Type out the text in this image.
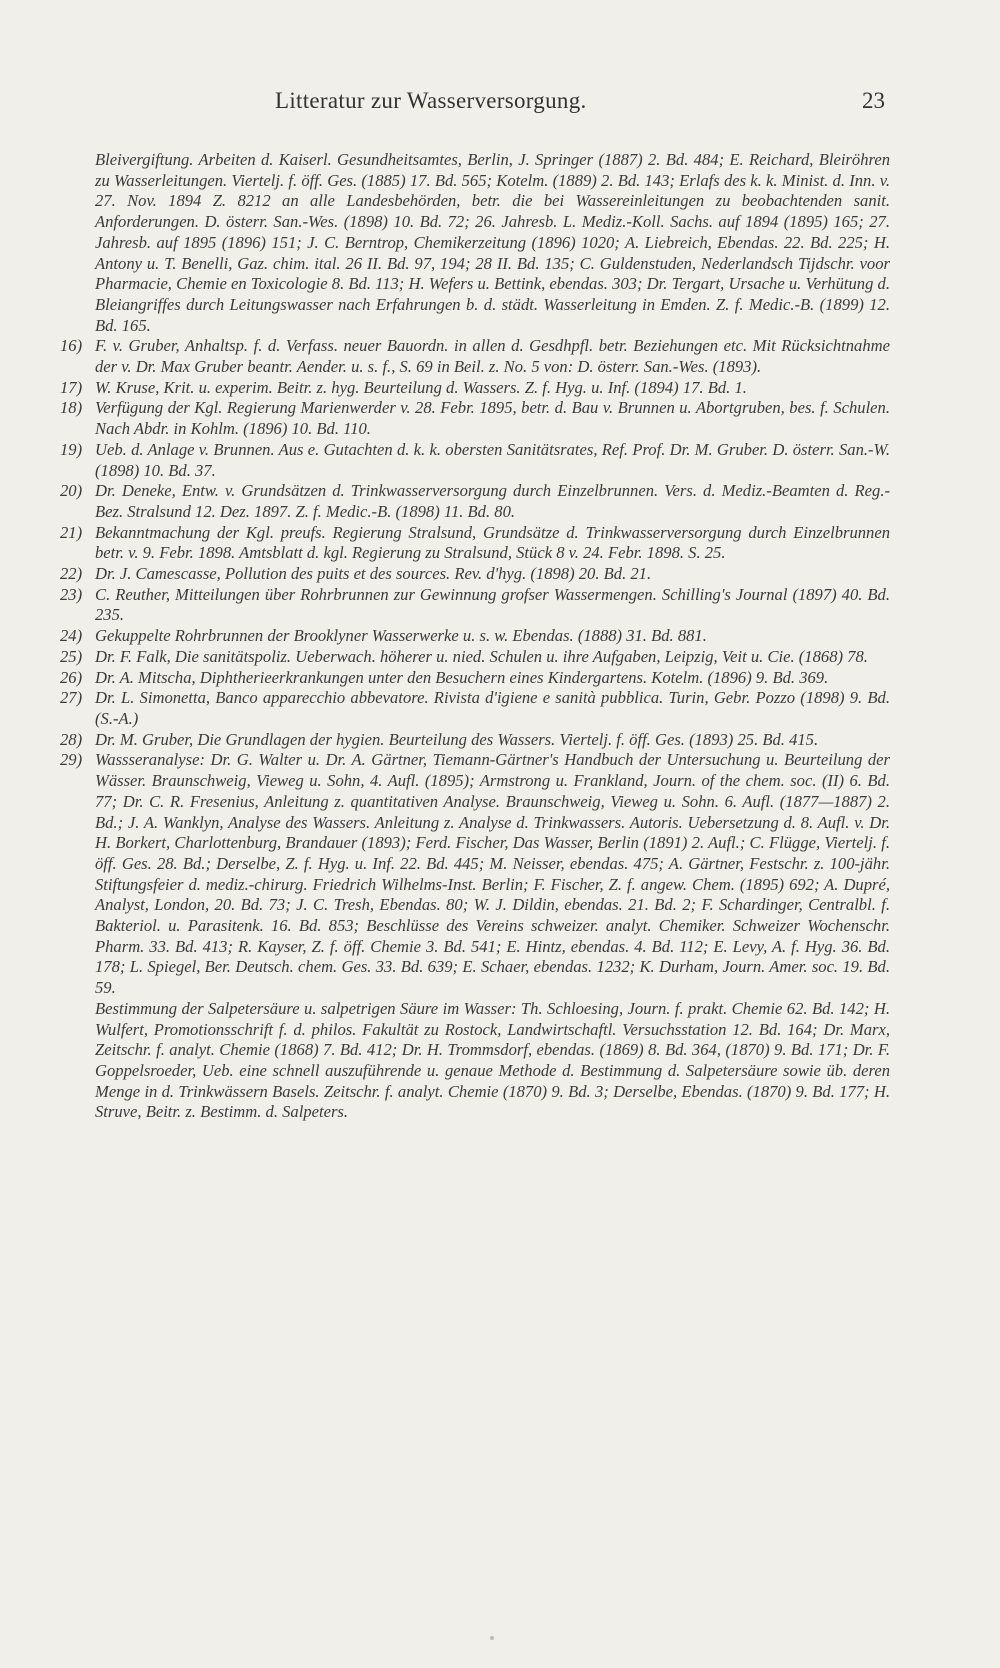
Litteratur zur Wasserversorgung.	23

Bleivergiftung. Arbeiten d. Kaiserl. Gesundheitsamtes, Berlin, J. Springer (1887) 2. Bd. 484; E. Reichard, Bleiröhren zu Wasserleitungen. Viertelj. f. öff. Ges. (1885) 17. Bd. 565; Kotelm. (1889) 2. Bd. 143; Erlafs des k. k. Minist. d. Inn. v. 27. Nov. 1894 Z. 8212 an alle Landesbehörden, betr. die bei Wassereinleitungen zu beobachtenden sanit. Anforderungen. D. österr. San.-Wes. (1898) 10. Bd. 72; 26. Jahresb. L. Mediz.-Koll. Sachs. auf 1894 (1895) 165; 27. Jahresb. auf 1895 (1896) 151; J. C. Berntrop, Chemikerzeitung (1896) 1020; A. Liebreich, Ebendas. 22. Bd. 225; H. Antony u. T. Benelli, Gaz. chim. ital. 26 II. Bd. 97, 194; 28 II. Bd. 135; C. Guldenstuden, Nederlandsch Tijdschr. voor Pharmacie, Chemie en Toxicologie 8. Bd. 113; H. Wefers u. Bettink, ebendas. 303; Dr. Tergart, Ursache u. Verhütung d. Bleiangriffes durch Leitungswasser nach Erfahrungen b. d. städt. Wasserleitung in Emden. Z. f. Medic.-B. (1899) 12. Bd. 165.

16) F. v. Gruber, Anhaltsp. f. d. Verfass. neuer Bauordn. in allen d. Gesdhpfl. betr. Beziehungen etc. Mit Rücksichtnahme der v. Dr. Max Gruber beantr. Aender. u. s. f., S. 69 in Beil. z. No. 5 von: D. österr. San.-Wes. (1893).

17) W. Kruse, Krit. u. experim. Beitr. z. hyg. Beurteilung d. Wassers. Z. f. Hyg. u. Inf. (1894) 17. Bd. 1.

18) Verfügung der Kgl. Regierung Marienwerder v. 28. Febr. 1895, betr. d. Bau v. Brunnen u. Abortgruben, bes. f. Schulen. Nach Abdr. in Kohlm. (1896) 10. Bd. 110.

19) Ueb. d. Anlage v. Brunnen. Aus e. Gutachten d. k. k. obersten Sanitätsrates, Ref. Prof. Dr. M. Gruber. D. österr. San.-W. (1898) 10. Bd. 37.

20) Dr. Deneke, Entw. v. Grundsätzen d. Trinkwasserversorgung durch Einzelbrunnen. Vers. d. Mediz.-Beamten d. Reg.-Bez. Stralsund 12. Dez. 1897. Z. f. Medic.-B. (1898) 11. Bd. 80.

21) Bekanntmachung der Kgl. preufs. Regierung Stralsund, Grundsätze d. Trinkwasserversorgung durch Einzelbrunnen betr. v. 9. Febr. 1898. Amtsblatt d. kgl. Regierung zu Stralsund, Stück 8 v. 24. Febr. 1898. S. 25.

22) Dr. J. Camescasse, Pollution des puits et des sources. Rev. d'hyg. (1898) 20. Bd. 21.

23) C. Reuther, Mitteilungen über Rohrbrunnen zur Gewinnung grofser Wassermengen. Schilling's Journal (1897) 40. Bd. 235.

24) Gekuppelte Rohrbrunnen der Brooklyner Wasserwerke u. s. w. Ebendas. (1888) 31. Bd. 881.

25) Dr. F. Falk, Die sanitätspoliz. Ueberwach. höherer u. nied. Schulen u. ihre Aufgaben, Leipzig, Veit u. Cie. (1868) 78.

26) Dr. A. Mitscha, Diphtherieerkrankungen unter den Besuchern eines Kindergartens. Kotelm. (1896) 9. Bd. 369.

27) Dr. L. Simonetta, Banco apparecchio abbevatore. Rivista d'igiene e sanità pubblica. Turin, Gebr. Pozzo (1898) 9. Bd. (S.-A.)

28) Dr. M. Gruber, Die Grundlagen der hygien. Beurteilung des Wassers. Viertelj. f. öff. Ges. (1893) 25. Bd. 415.

29) Wassseranalyse: Dr. G. Walter u. Dr. A. Gärtner, Tiemann-Gärtner's Handbuch der Untersuchung u. Beurteilung der Wässer. Braunschweig, Vieweg u. Sohn, 4. Aufl. (1895); Armstrong u. Frankland, Journ. of the chem. soc. (II) 6. Bd. 77; Dr. C. R. Fresenius, Anleitung z. quantitativen Analyse. Braunschweig, Vieweg u. Sohn. 6. Aufl. (1877—1887) 2. Bd.; J. A. Wanklyn, Analyse des Wassers. Anleitung z. Analyse d. Trinkwassers. Autoris. Uebersetzung d. 8. Aufl. v. Dr. H. Borkert, Charlottenburg, Brandauer (1893); Ferd. Fischer, Das Wasser, Berlin (1891) 2. Aufl.; C. Flügge, Viertelj. f. öff. Ges. 28. Bd.; Derselbe, Z. f. Hyg. u. Inf. 22. Bd. 445; M. Neisser, ebendas. 475; A. Gärtner, Festschr. z. 100-jähr. Stiftungsfeier d. mediz.-chirurg. Friedrich Wilhelms-Inst. Berlin; F. Fischer, Z. f. angew. Chem. (1895) 692; A. Dupré, Analyst, London, 20. Bd. 73; J. C. Tresh, Ebendas. 80; W. J. Dildin, ebendas. 21. Bd. 2; F. Schardinger, Centralbl. f. Bakteriol. u. Parasitenk. 16. Bd. 853; Beschlüsse des Vereins schweizer. analyt. Chemiker. Schweizer Wochenschr. Pharm. 33. Bd. 413; R. Kayser, Z. f. öff. Chemie 3. Bd. 541; E. Hintz, ebendas. 4. Bd. 112; E. Levy, A. f. Hyg. 36. Bd. 178; L. Spiegel, Ber. Deutsch. chem. Ges. 33. Bd. 639; E. Schaer, ebendas. 1232; K. Durham, Journ. Amer. soc. 19. Bd. 59.

Bestimmung der Salpetersäure u. salpetrigen Säure im Wasser: Th. Schloesing, Journ. f. prakt. Chemie 62. Bd. 142; H. Wulfert, Promotionsschrift f. d. philos. Fakultät zu Rostock, Landwirtschaftl. Versuchsstation 12. Bd. 164; Dr. Marx, Zeitschr. f. analyt. Chemie (1868) 7. Bd. 412; Dr. H. Trommsdorf, ebendas. (1869) 8. Bd. 364, (1870) 9. Bd. 171; Dr. F. Goppelsroeder, Ueb. eine schnell auszuführende u. genaue Methode d. Bestimmung d. Salpetersäure sowie üb. deren Menge in d. Trinkwässern Basels. Zeitschr. f. analyt. Chemie (1870) 9. Bd. 3; Derselbe, Ebendas. (1870) 9. Bd. 177; H. Struve, Beitr. z. Bestimm. d. Salpeters.
